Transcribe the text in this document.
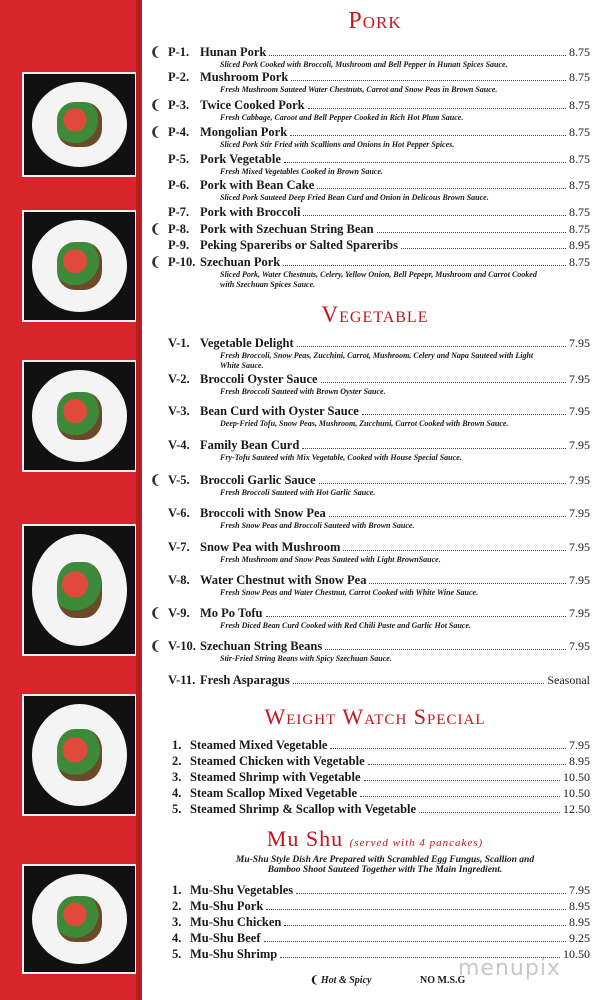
Pork
❨ P-1. Hunan Pork	8.75
Sliced Pork Cooked with Broccoli, Mushroom and Bell Pepper in Hunan Spices Sauce.
P-2. Mushroom Pork	8.75
Fresh Mushroom Sauteed Water Chestnuts, Carrot and Snow Peas in Brown Sauce.
❨ P-3. Twice Cooked Pork	8.75
Fresh Cabbage, Caroot and Bell Pepper Cooked in Rich Hot Plum Sauce.
❨ P-4. Mongolian Pork	8.75
Sliced Pork Stir Fried with Scallions and Onions in Hot Pepper Spices.
P-5. Pork Vegetable	8.75
Fresh Mixed Vegetables Cooked in Brown Sauce.
P-6. Pork with Bean Cake	8.75
Sliced Pork Sauteed Deep Fried Bean Curd and Onion in Delicous Brown Sauce.
P-7. Pork with Broccoli	8.75
❨ P-8. Pork with Szechuan String Bean	8.75
P-9. Peking Spareribs or Salted Spareribs	8.95
❨ P-10. Szechuan Pork	8.75
Sliced Pork, Water Chestnuts, Celery, Yellow Onion, Bell Pepepr, Mushroom and Carrot Cooked with Szechuan Spices Sauce.
Vegetable
V-1. Vegetable Delight	7.95
Fresh Broccoli, Snow Peas, Zucchini, Carrot, Mushroom, Celery and Napa Sauteed with Light White Sauce.
V-2. Broccoli Oyster Sauce	7.95
Fresh Broccoli Sauteed with Brown Oyster Sauce.
V-3. Bean Curd with Oyster Sauce	7.95
Deep-Fried Tofu, Snow Peas, Mushroom, Zucchuni, Carrot Cooked with Brown Sauce.
V-4. Family Bean Curd	7.95
Fry-Tofu Sauteed with Mix Vegetable, Cooked with House Special Sauce.
❨ V-5. Broccoli Garlic Sauce	7.95
Fresh Broccoli Sauteed with Hot Garlic Sauce.
V-6. Broccoli with Snow Pea	7.95
Fresh Snow Peas and Broccoli Sauteed with Brown Sauce.
V-7. Snow Pea with Mushroom	7.95
Fresh Mushroom and Snow Peas Sauteed with Light BrownSauce.
V-8. Water Chestnut with Snow Pea	7.95
Fresh Snow Peas and Water Chestnut, Carrot Cooked with White Wine Sauce.
❨ V-9. Mo Po Tofu	7.95
Fresh Diced Bean Curd Cooked with Red Chili Paste and Garlic Hot Sauce.
❨ V-10. Szechuan String Beans	7.95
Stir-Fried String Beans with Spicy Szechuan Sauce.
V-11. Fresh Asparagus	Seasonal
Weight Watch Special
1. Steamed Mixed Vegetable	7.95
2. Steamed Chicken with Vegetable	8.95
3. Steamed Shrimp with Vegetable	10.50
4. Steam Scallop Mixed Vegetable	10.50
5. Steamed Shrimp & Scallop with Vegetable	12.50
Mu Shu (served with 4 pancakes)
Mu-Shu Style Dish Are Prepared with Scrambled Egg Fungus, Scallion and Bamboo Shoot Sauteed Together with The Main Ingredient.
1. Mu-Shu Vegetables	7.95
2. Mu-Shu Pork	8.95
3. Mu-Shu Chicken	8.95
4. Mu-Shu Beef	9.25
5. Mu-Shu Shrimp	10.50
❨ Hot & Spicy	NO M.S.G
menupix
